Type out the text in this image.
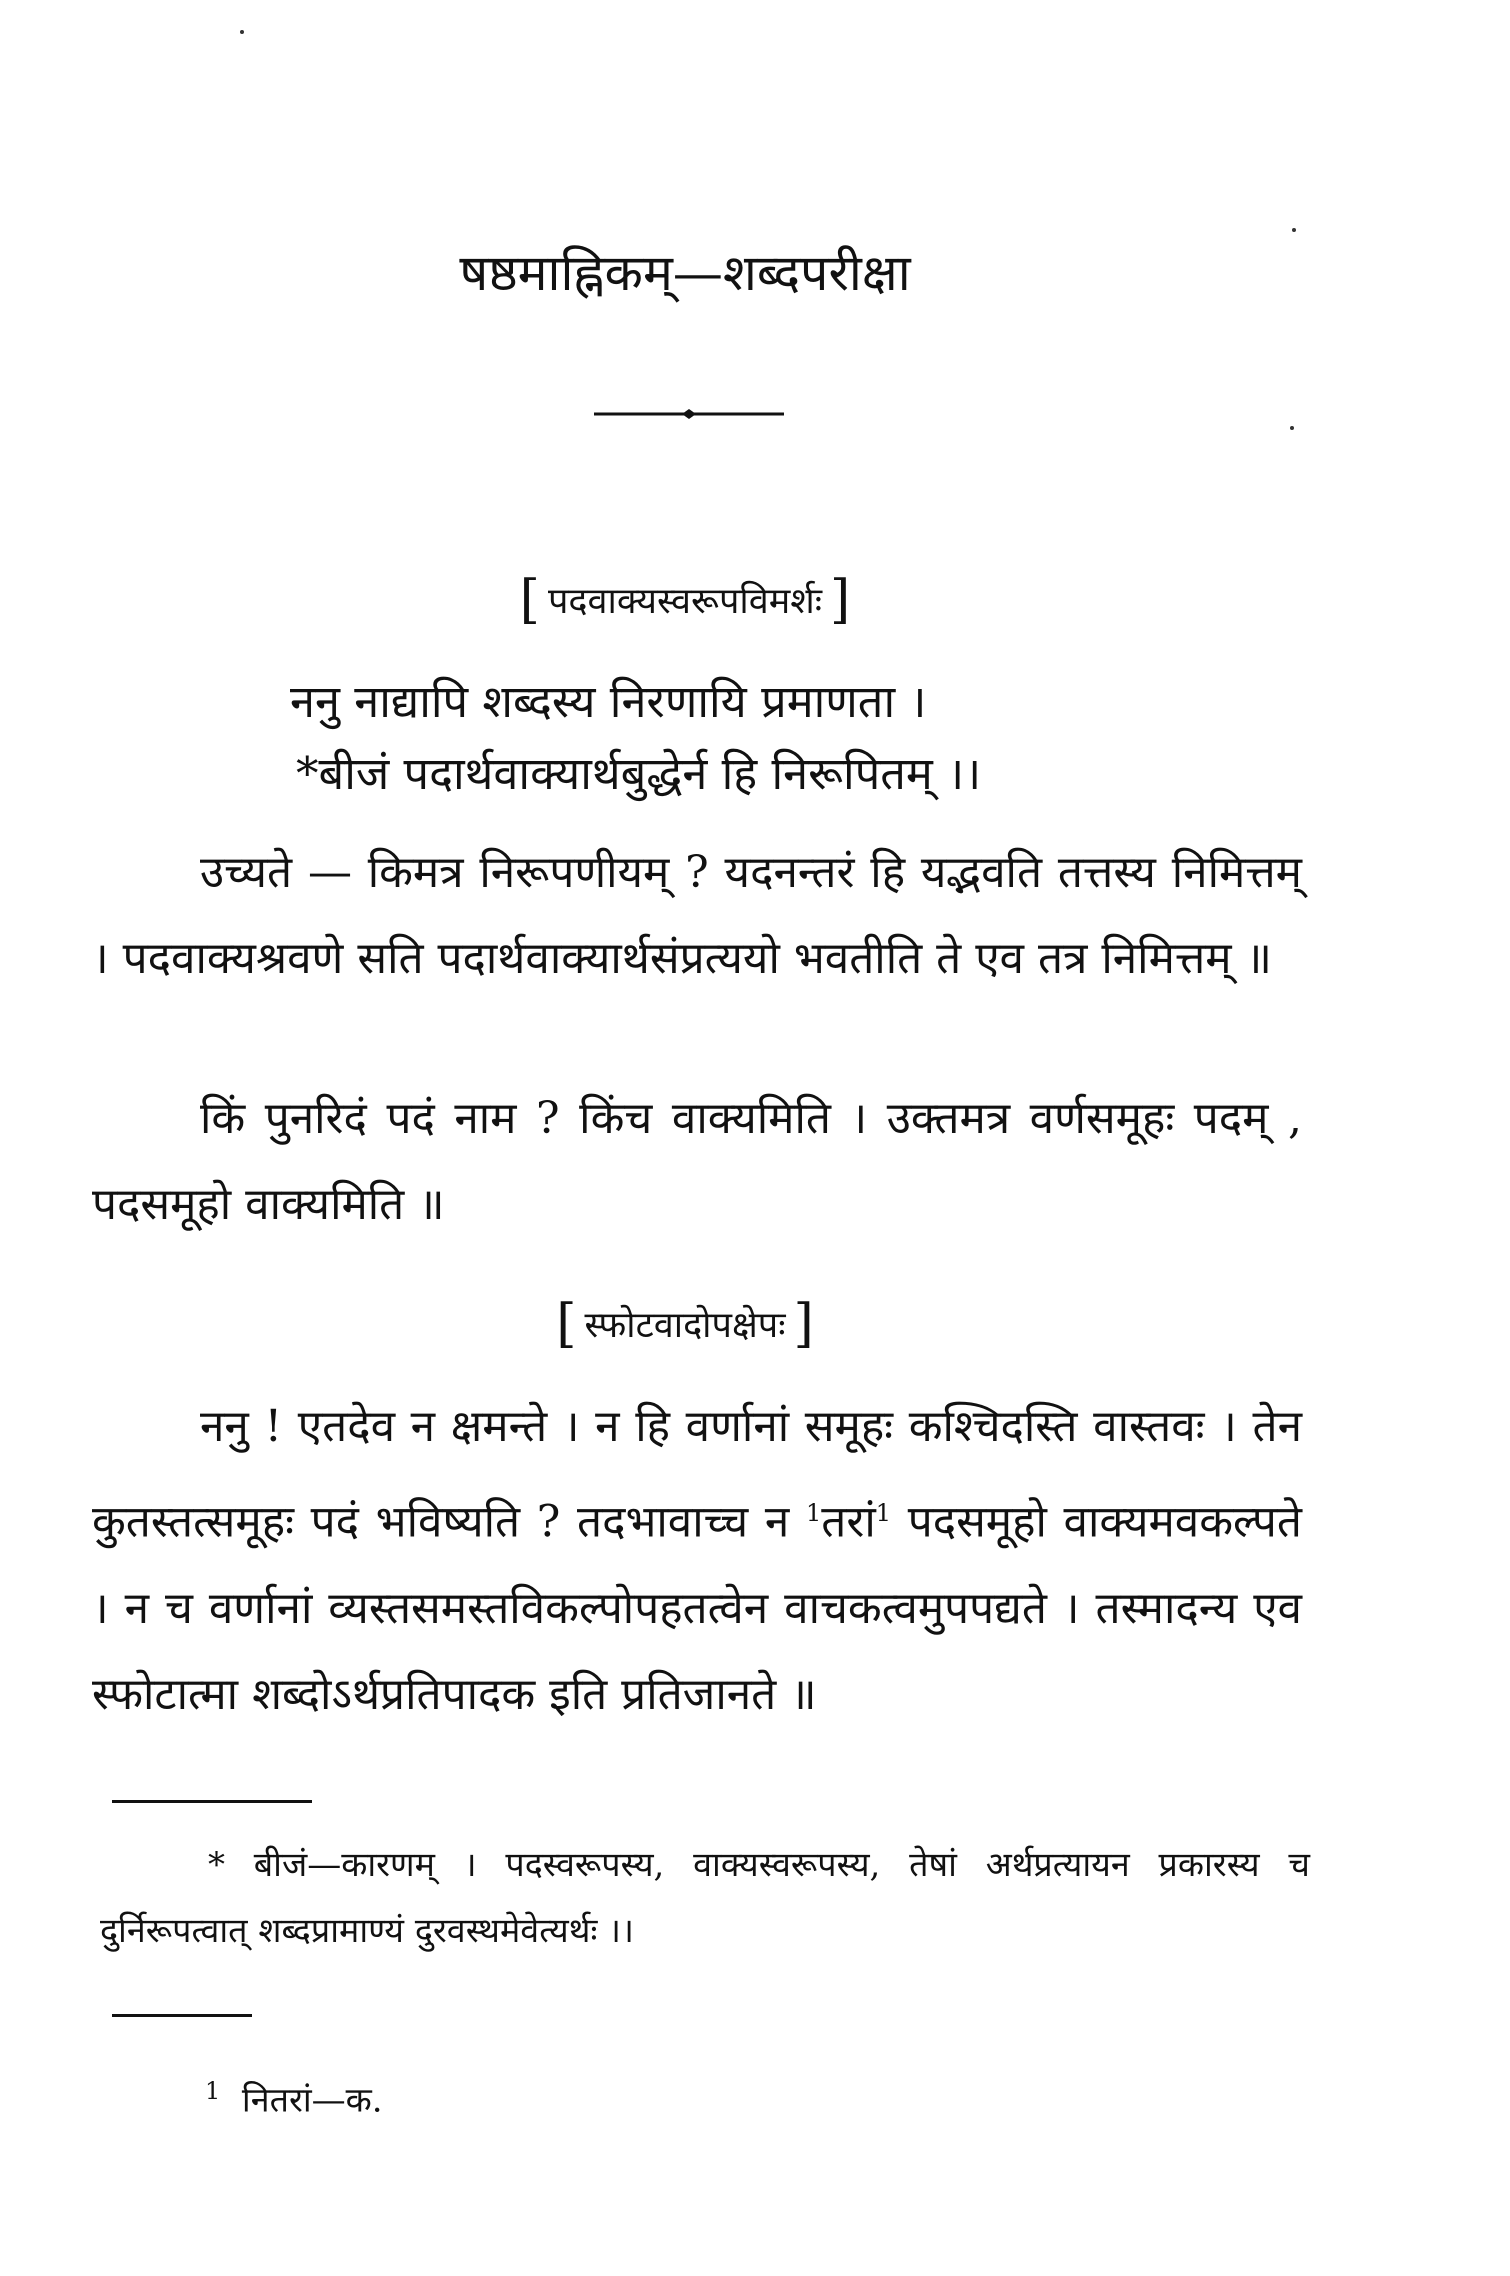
षष्ठमाह्निकम्—शब्दपरीक्षा
[ पदवाक्यस्वरूपविमर्शः ]
ननु नाद्यापि शब्दस्य निरणायि प्रमाणता ।
*बीजं पदार्थवाक्यार्थबुद्धेर्न हि निरूपितम् ।।

उच्यते — किमत्र निरूपणीयम् ? यदनन्तरं हि यद्भवति तत्तस्य निमित्तम् । पदवाक्यश्रवणे सति पदार्थवाक्यार्थसंप्रत्ययो भवतीति ते एव तत्र निमित्तम् ॥

किं पुनरिदं पदं नाम ? किंच वाक्यमिति । उक्तमत्र वर्णसमूहः पदम् , पदसमूहो वाक्यमिति ॥

[ स्फोटवादोपक्षेपः ]

ननु ! एतदेव न क्षमन्ते । न हि वर्णानां समूहः कश्चिदस्ति वास्तवः । तेन कुतस्तत्समूहः पदं भविष्यति ? तदभावाच्च न $^1$तरां$^1$ पदसमूहो वाक्यमवकल्पते । न च वर्णानां व्यस्तसमस्तविकल्पोपहतत्वेन वाचकत्वमुपपद्यते । तस्मादन्य एव स्फोटात्मा शब्दोऽर्थप्रतिपादक इति प्रतिजानते ॥

* बीजं—कारणम् । पदस्वरूपस्य, वाक्यस्वरूपस्य, तेषां अर्थप्रत्यायन प्रकारस्य च दुर्निरूपत्वात् शब्दप्रामाण्यं दुरवस्थमेवेत्यर्थः ।।

$^1$ नितरां—क.
